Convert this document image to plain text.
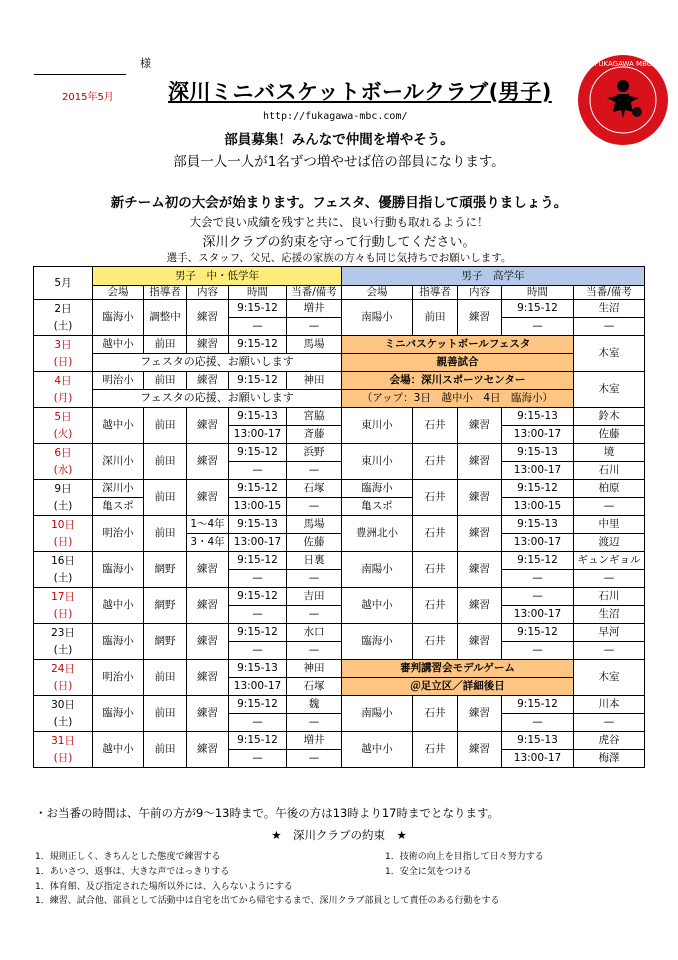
様
2015年5月	深川ミニバスケットボールクラブ(男子)
FUKAGAWA MBC
http://fukagawa-mbc.com/
部員募集！みんなで仲間を増やそう。
部員一人一人が1名ずつ増やせば倍の部員になります。
新チーム初の大会が始まります。フェスタ、優勝目指して頑張りましょう。
大会で良い成績を残すと共に、良い行動も取れるように！
深川クラブの約束を守って行動してください。
選手、スタッフ、父兄、応援の家族の方々も同じ気持ちでお願いします。
5月	男子　中・低学年					男子　高学年				
	会場	指導者	内容	時間	当番/備考	会場	指導者	内容	時間	当番/備考
2日	臨海小	調整中	練習	9:15-12	増井	南陽小	前田	練習	9:15-12	生沼
(土)				—	—				—	—
3日	越中小	前田	練習	9:15-12	馬場	ミニバスケットボールフェスタ				木室
(日)	フェスタの応援、お願いします					親善試合				
4日	明治小	前田	練習	9:15-12	神田	会場：深川スポーツセンター				木室
(月)	フェスタの応援、お願いします					（アップ：3日　越中小　4日　臨海小）				
5日	越中小	前田	練習	9:15-13	宮脇	東川小	石井	練習	9:15-13	鈴木
(火)				13:00-17	斉藤				13:00-17	佐藤
6日	深川小	前田	練習	9:15-12	浜野	東川小	石井	練習	9:15-13	境
(水)				—	—				13:00-17	石川
9日	深川小	前田	練習	9:15-12	石塚	臨海小	石井	練習	9:15-12	柏原
(土)	亀スポ			13:00-15	—	亀スポ			13:00-15	—
10日	明治小	前田	1〜4年	9:15-13	馬場	豊洲北小	石井	練習	9:15-13	中里
(日)			3・4年	13:00-17	佐藤				13:00-17	渡辺
16日	臨海小	網野	練習	9:15-12	日裏	南陽小	石井	練習	9:15-12	ギュンギョル
(土)				—	—				—	—
17日	越中小	網野	練習	9:15-12	吉田	越中小	石井	練習	—	石川
(日)				—	—				13:00-17	生沼
23日	臨海小	網野	練習	9:15-12	水口	臨海小	石井	練習	9:15-12	早河
(土)				—	—				—	—
24日	明治小	前田	練習	9:15-13	神田	審判講習会モデルゲーム				木室
(日)				13:00-17	石塚	＠足立区／詳細後日				
30日	臨海小	前田	練習	9:15-12	魏	南陽小	石井	練習	9:15-12	川本
(土)				—	—				—	—
31日	越中小	前田	練習	9:15-12	増井	越中小	石井	練習	9:15-13	虎谷
(日)				—	—				13:00-17	梅澤
・お当番の時間は、午前の方が9〜13時まで。午後の方は13時より17時までとなります。
★　深川クラブの約束　★
1．規則正しく、きちんとした態度で練習する	1．技術の向上を目指して日々努力する
1．あいさつ、返事は、大きな声ではっきりする	1．安全に気をつける
1．体育館、及び指定された場所以外には、入らないようにする
1．練習、試合他、部員として活動中は自宅を出てから帰宅するまで、深川クラブ部員として責任のある行動をする
